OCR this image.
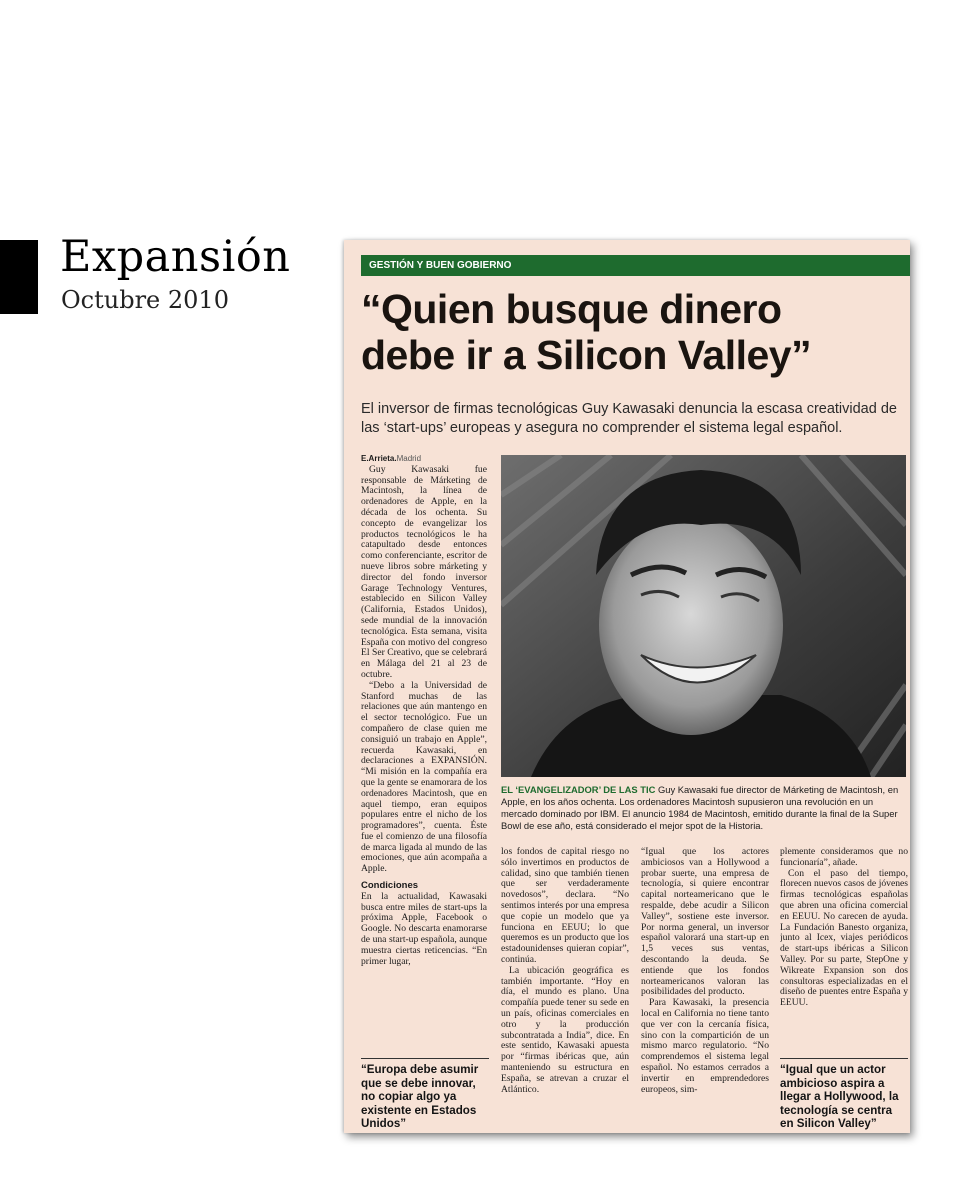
Expansión
Octubre 2010
GESTIÓN Y BUEN GOBIERNO
“Quien busque dinero
debe ir a Silicon Valley”
El inversor de firmas tecnológicas Guy Kawasaki denuncia la escasa creatividad de las ‘start-ups’ europeas y asegura no comprender el sistema legal español.

E.Arrieta.Madrid

Guy Kawasaki fue responsable de Márketing de Macintosh, la línea de ordenadores de Apple, en la década de los ochenta. Su concepto de evangelizar los productos tecnológicos le ha catapultado desde entonces como conferenciante, escritor de nueve libros sobre márketing y director del fondo inversor Garage Technology Ventures, establecido en Silicon Valley (California, Estados Unidos), sede mundial de la innovación tecnológica. Esta semana, visita España con motivo del congreso El Ser Creativo, que se celebrará en Málaga del 21 al 23 de octubre.

“Debo a la Universidad de Stanford muchas de las relaciones que aún mantengo en el sector tecnológico. Fue un compañero de clase quien me consiguió un trabajo en Apple”, recuerda Kawasaki, en declaraciones a EXPANSIÓN. “Mi misión en la compañía era que la gente se enamorara de los ordenadores Macintosh, que en aquel tiempo, eran equipos populares entre el nicho de los programadores”, cuenta. Éste fue el comienzo de una filosofía de marca ligada al mundo de las emociones, que aún acompaña a Apple.

Condiciones

En la actualidad, Kawasaki busca entre miles de start-ups la próxima Apple, Facebook o Google. No descarta enamorarse de una start-up española, aunque muestra ciertas reticencias. “En primer lugar,

“Europa debe asumir que se debe innovar, no copiar algo ya existente en Estados Unidos”
EL ‘EVANGELIZADOR’ DE LAS TIC Guy Kawasaki fue director de Márketing de Macintosh, en Apple, en los años ochenta. Los ordenadores Macintosh supusieron una revolución en un mercado dominado por IBM. El anuncio 1984 de Macintosh, emitido durante la final de la Super Bowl de ese año, está considerado el mejor spot de la Historia.

los fondos de capital riesgo no sólo invertimos en productos de calidad, sino que también tienen que ser verdaderamente novedosos”, declara. “No sentimos interés por una empresa que copie un modelo que ya funciona en EEUU; lo que queremos es un producto que los estadounidenses quieran copiar”, continúa.

La ubicación geográfica es también importante. “Hoy en día, el mundo es plano. Una compañía puede tener su sede en un país, oficinas comerciales en otro y la producción subcontratada a India”, dice. En este sentido, Kawasaki apuesta por “firmas ibéricas que, aún manteniendo su estructura en España, se atrevan a cruzar el Atlántico.

“Igual que los actores ambiciosos van a Hollywood a probar suerte, una empresa de tecnología, si quiere encontrar capital norteamericano que le respalde, debe acudir a Silicon Valley”, sostiene este inversor. Por norma general, un inversor español valorará una start-up en 1,5 veces sus ventas, descontando la deuda. Se entiende que los fondos norteamericanos valoran las posibilidades del producto.

Para Kawasaki, la presencia local en California no tiene tanto que ver con la cercanía física, sino con la compartición de un mismo marco regulatorio. “No comprendemos el sistema legal español. No estamos cerrados a invertir en emprendedores europeos, sim-

plemente consideramos que no funcionaría”, añade.

Con el paso del tiempo, florecen nuevos casos de jóvenes firmas tecnológicas españolas que abren una oficina comercial en EEUU. No carecen de ayuda. La Fundación Banesto organiza, junto al Icex, viajes periódicos de start-ups ibéricas a Silicon Valley. Por su parte, StepOne y Wikreate Expansion son dos consultoras especializadas en el diseño de puentes entre España y EEUU.

“Igual que un actor ambicioso aspira a llegar a Hollywood, la tecnología se centra en Silicon Valley”
